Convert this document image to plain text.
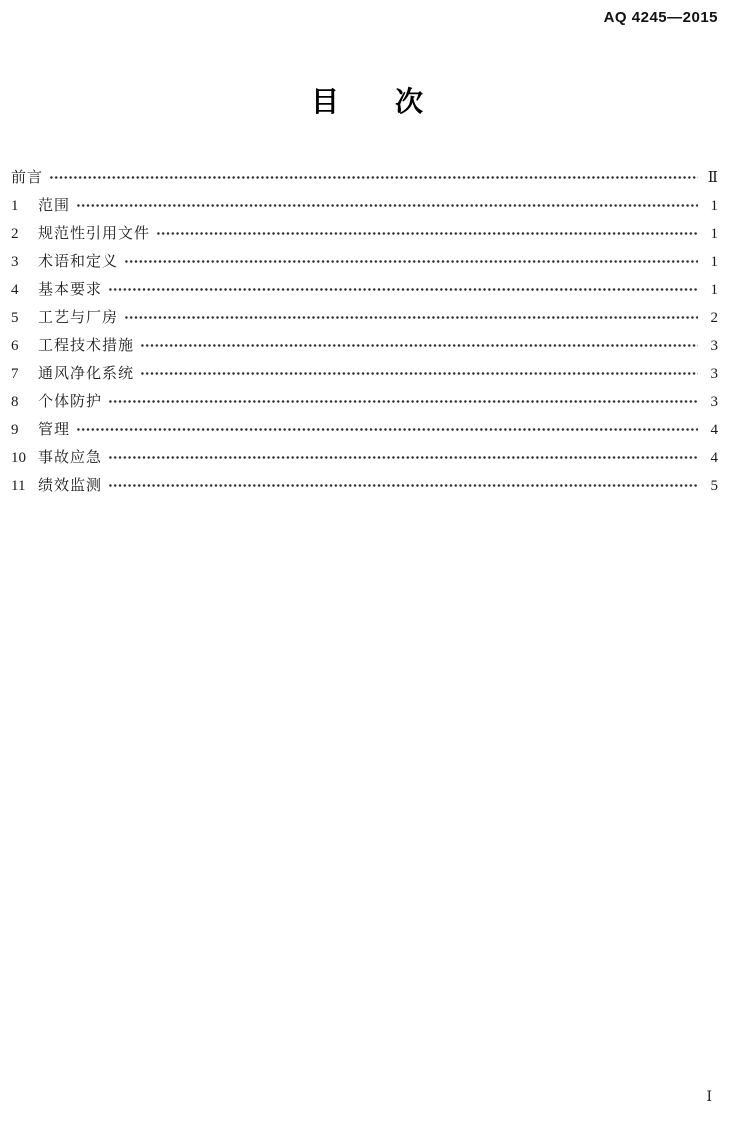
AQ 4245—2015
目　　次
前言	Ⅱ
1	范围	1
2	规范性引用文件	1
3	术语和定义	1
4	基本要求	1
5	工艺与厂房	2
6	工程技术措施	3
7	通风净化系统	3
8	个体防护	3
9	管理	4
10 事故应急	4
11 绩效监测	5
Ⅰ
